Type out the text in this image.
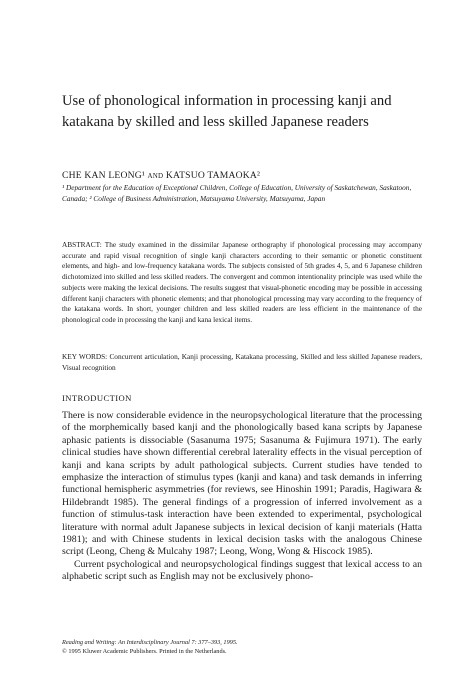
Use of phonological information in processing kanji and katakana by skilled and less skilled Japanese readers
CHE KAN LEONG¹ and KATSUO TAMAOKA²
¹ Department for the Education of Exceptional Children, College of Education, University of Saskatchewan, Saskatoon, Canada; ² College of Business Administration, Matsuyama University, Matsuyama, Japan

ABSTRACT: The study examined in the dissimilar Japanese orthography if phonological processing may accompany accurate and rapid visual recognition of single kanji characters according to their semantic or phonetic constituent elements, and high- and low-frequency katakana words. The subjects consisted of 5th grades 4, 5, and 6 Japanese children dichotomized into skilled and less skilled readers. The convergent and common intentionality principle was used while the subjects were making the lexical decisions. The results suggest that visual-phonetic encoding may be possible in accessing different kanji characters with phonetic elements; and that phonological processing may vary according to the frequency of the katakana words. In short, younger children and less skilled readers are less efficient in the maintenance of the phonological code in processing the kanji and kana lexical items.

KEY WORDS: Concurrent articulation, Kanji processing, Katakana processing, Skilled and less skilled Japanese readers, Visual recognition

INTRODUCTION

There is now considerable evidence in the neuropsychological literature that the processing of the morphemically based kanji and the phonologically based kana scripts by Japanese aphasic patients is dissociable (Sasanuma 1975; Sasanuma & Fujimura 1971). The early clinical studies have shown differential cerebral laterality effects in the visual perception of kanji and kana scripts by adult pathological subjects. Current studies have tended to emphasize the interaction of stimulus types (kanji and kana) and task demands in inferring functional hemispheric asymmetries (for reviews, see Hinoshin 1991; Paradis, Hagiwara & Hildebrandt 1985). The general findings of a progression of inferred involvement as a function of stimulus-task interaction have been extended to experimental, psychological literature with normal adult Japanese subjects in lexical decision of kanji materials (Hatta 1981); and with Chinese students in lexical decision tasks with the analogous Chinese script (Leong, Cheng & Mulcahy 1987; Leong, Wong, Wong & Hiscock 1985).

Current psychological and neuropsychological findings suggest that lexical access to an alphabetic script such as English may not be exclusively phono-

Reading and Writing: An Interdisciplinary Journal 7: 377–393, 1995.
© 1995 Kluwer Academic Publishers. Printed in the Netherlands.
